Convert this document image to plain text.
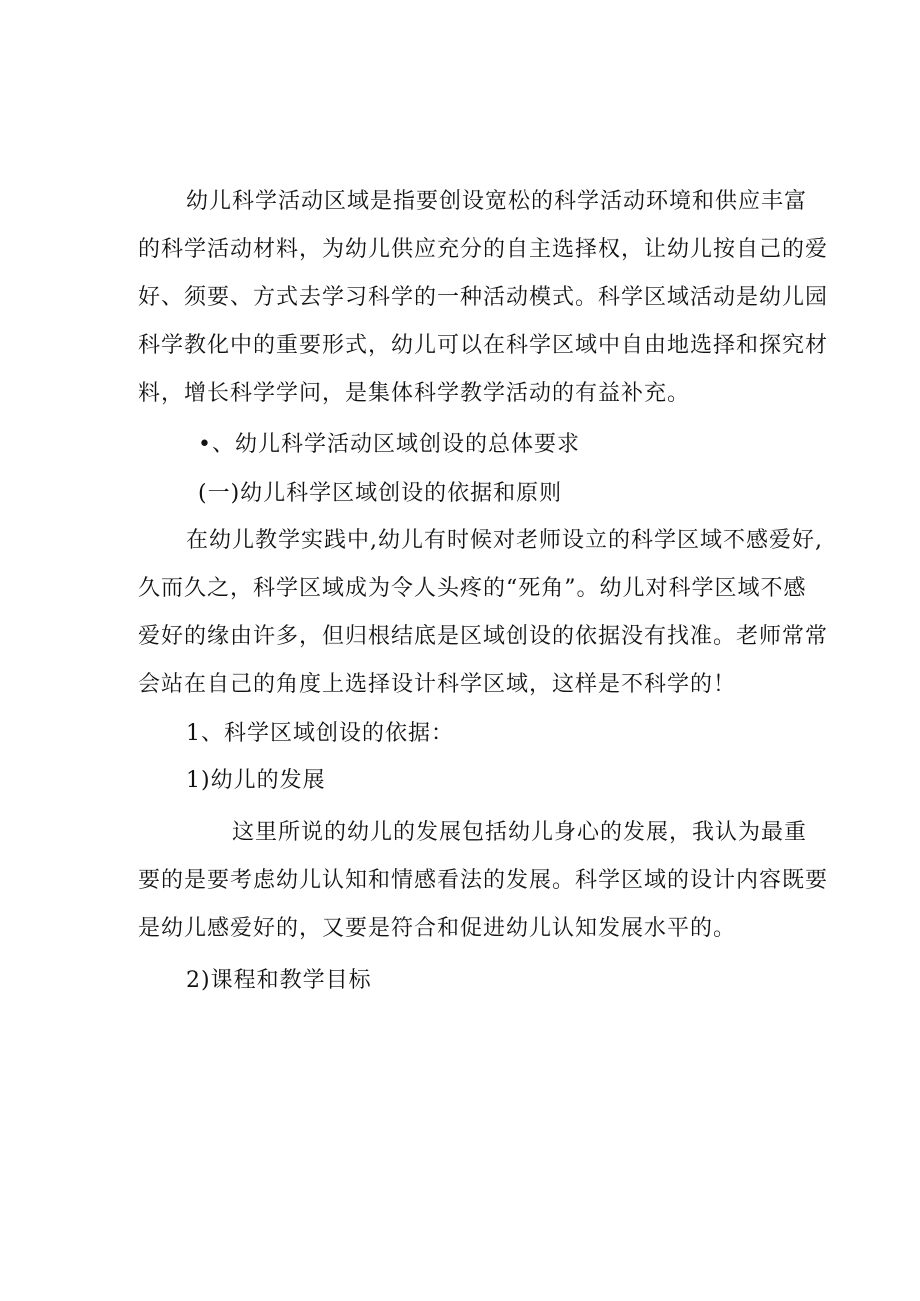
幼儿科学活动区域是指要创设宽松的科学活动环境和供应丰富
的科学活动材料，为幼儿供应充分的自主选择权，让幼儿按自己的爱
好、须要、方式去学习科学的一种活动模式。科学区域活动是幼儿园
科学教化中的重要形式，幼儿可以在科学区域中自由地选择和探究材
料，增长科学学问，是集体科学教学活动的有益补充。
•、幼儿科学活动区域创设的总体要求
(一)幼儿科学区域创设的依据和原则
在幼儿教学实践中,幼儿有时候对老师设立的科学区域不感爱好,
久而久之，科学区域成为令人头疼的“死角”。幼儿对科学区域不感
爱好的缘由许多，但归根结底是区域创设的依据没有找准。老师常常
会站在自己的角度上选择设计科学区域，这样是不科学的！
1、科学区域创设的依据：
1)幼儿的发展
这里所说的幼儿的发展包括幼儿身心的发展，我认为最重
要的是要考虑幼儿认知和情感看法的发展。科学区域的设计内容既要
是幼儿感爱好的，又要是符合和促进幼儿认知发展水平的。
2)课程和教学目标
